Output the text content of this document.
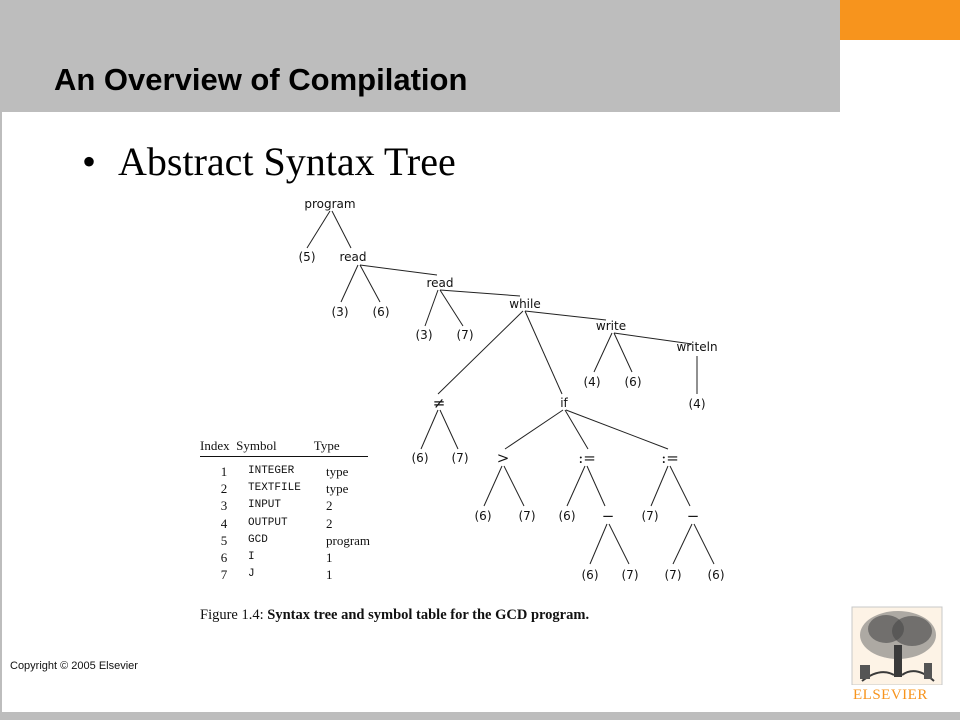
An Overview of Compilation
• Abstract Syntax Tree
program
(5) read
(3) (6)
read
(3) (7)
while
write
(4) (6)
writeln
(4)
≠
(6) (7)
if
>	:=	:=
(6) (7) (6) − (7) −
(6) (7) (7) (6)
Index Symbol	Type
1	INTEGER	type
2	TEXTFILE	type
3	INPUT	2
4	OUTPUT	2
5	GCD	program
6	I	1
7	J	1
Figure 1.4: Syntax tree and symbol table for the GCD program.
Copyright © 2005 Elsevier
ELSEVIER
